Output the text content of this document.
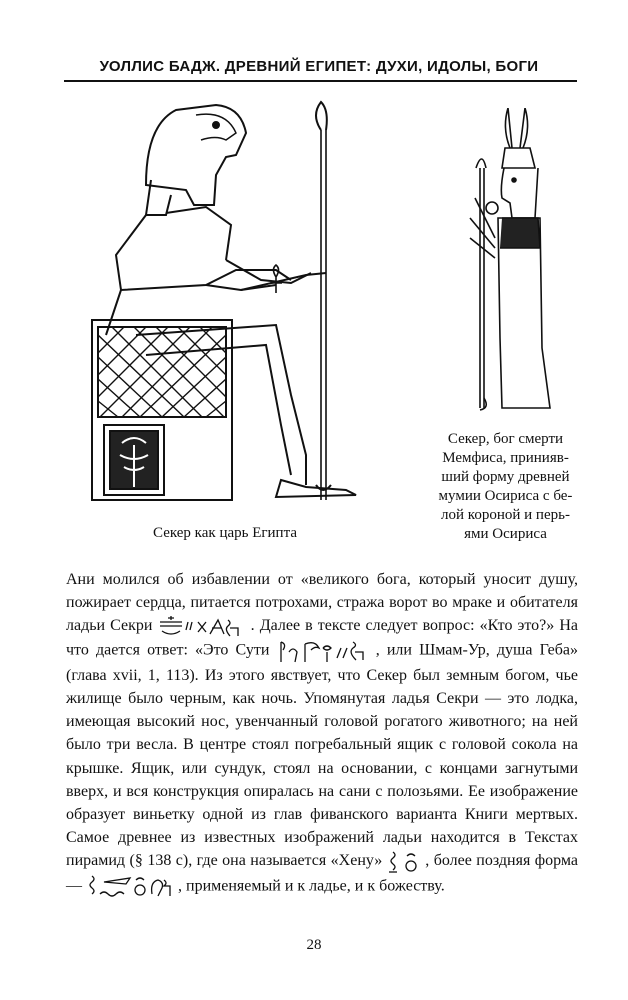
УОЛЛИС БАДЖ. ДРЕВНИЙ ЕГИПЕТ: ДУХИ, ИДОЛЫ, БОГИ
Секер как царь Египта
Секер, бог смерти
Мемфиса, принияв-
ший форму древней
мумии Осириса с бе-
лой короной и перь-
ями Осириса
Ани молился об избавлении от «великого бога, который уносит душу, пожирает сердца, питается потрохами, стража ворот во мраке и обитателя ладьи Секри	. Далее в тексте следует вопрос: «Кто это?» На что дается ответ: «Это Сути	, или Шмам-Ур, душа Геба» (глава xvii, 1, 113). Из этого явствует, что Секер был земным богом, чье жилище было черным, как ночь. Упомянутая ладья Секри — это лодка, имеющая высокий нос, увенчанный головой рогатого животного; на ней было три весла. В центре стоял погребальный ящик с головой сокола на крышке. Ящик, или сундук, стоял на основании, с концами загнутыми вверх, и вся конструкция опиралась на сани с полозьями. Ее изображение образует виньетку одной из глав фиванского варианта Книги мертвых. Самое древнее из известных изображений ладьи находится в Текстах пирамид (§ 138 с), где она называется «Хену»	, более поздняя форма —	, применяемый и к ладье, и к божеству.
28
